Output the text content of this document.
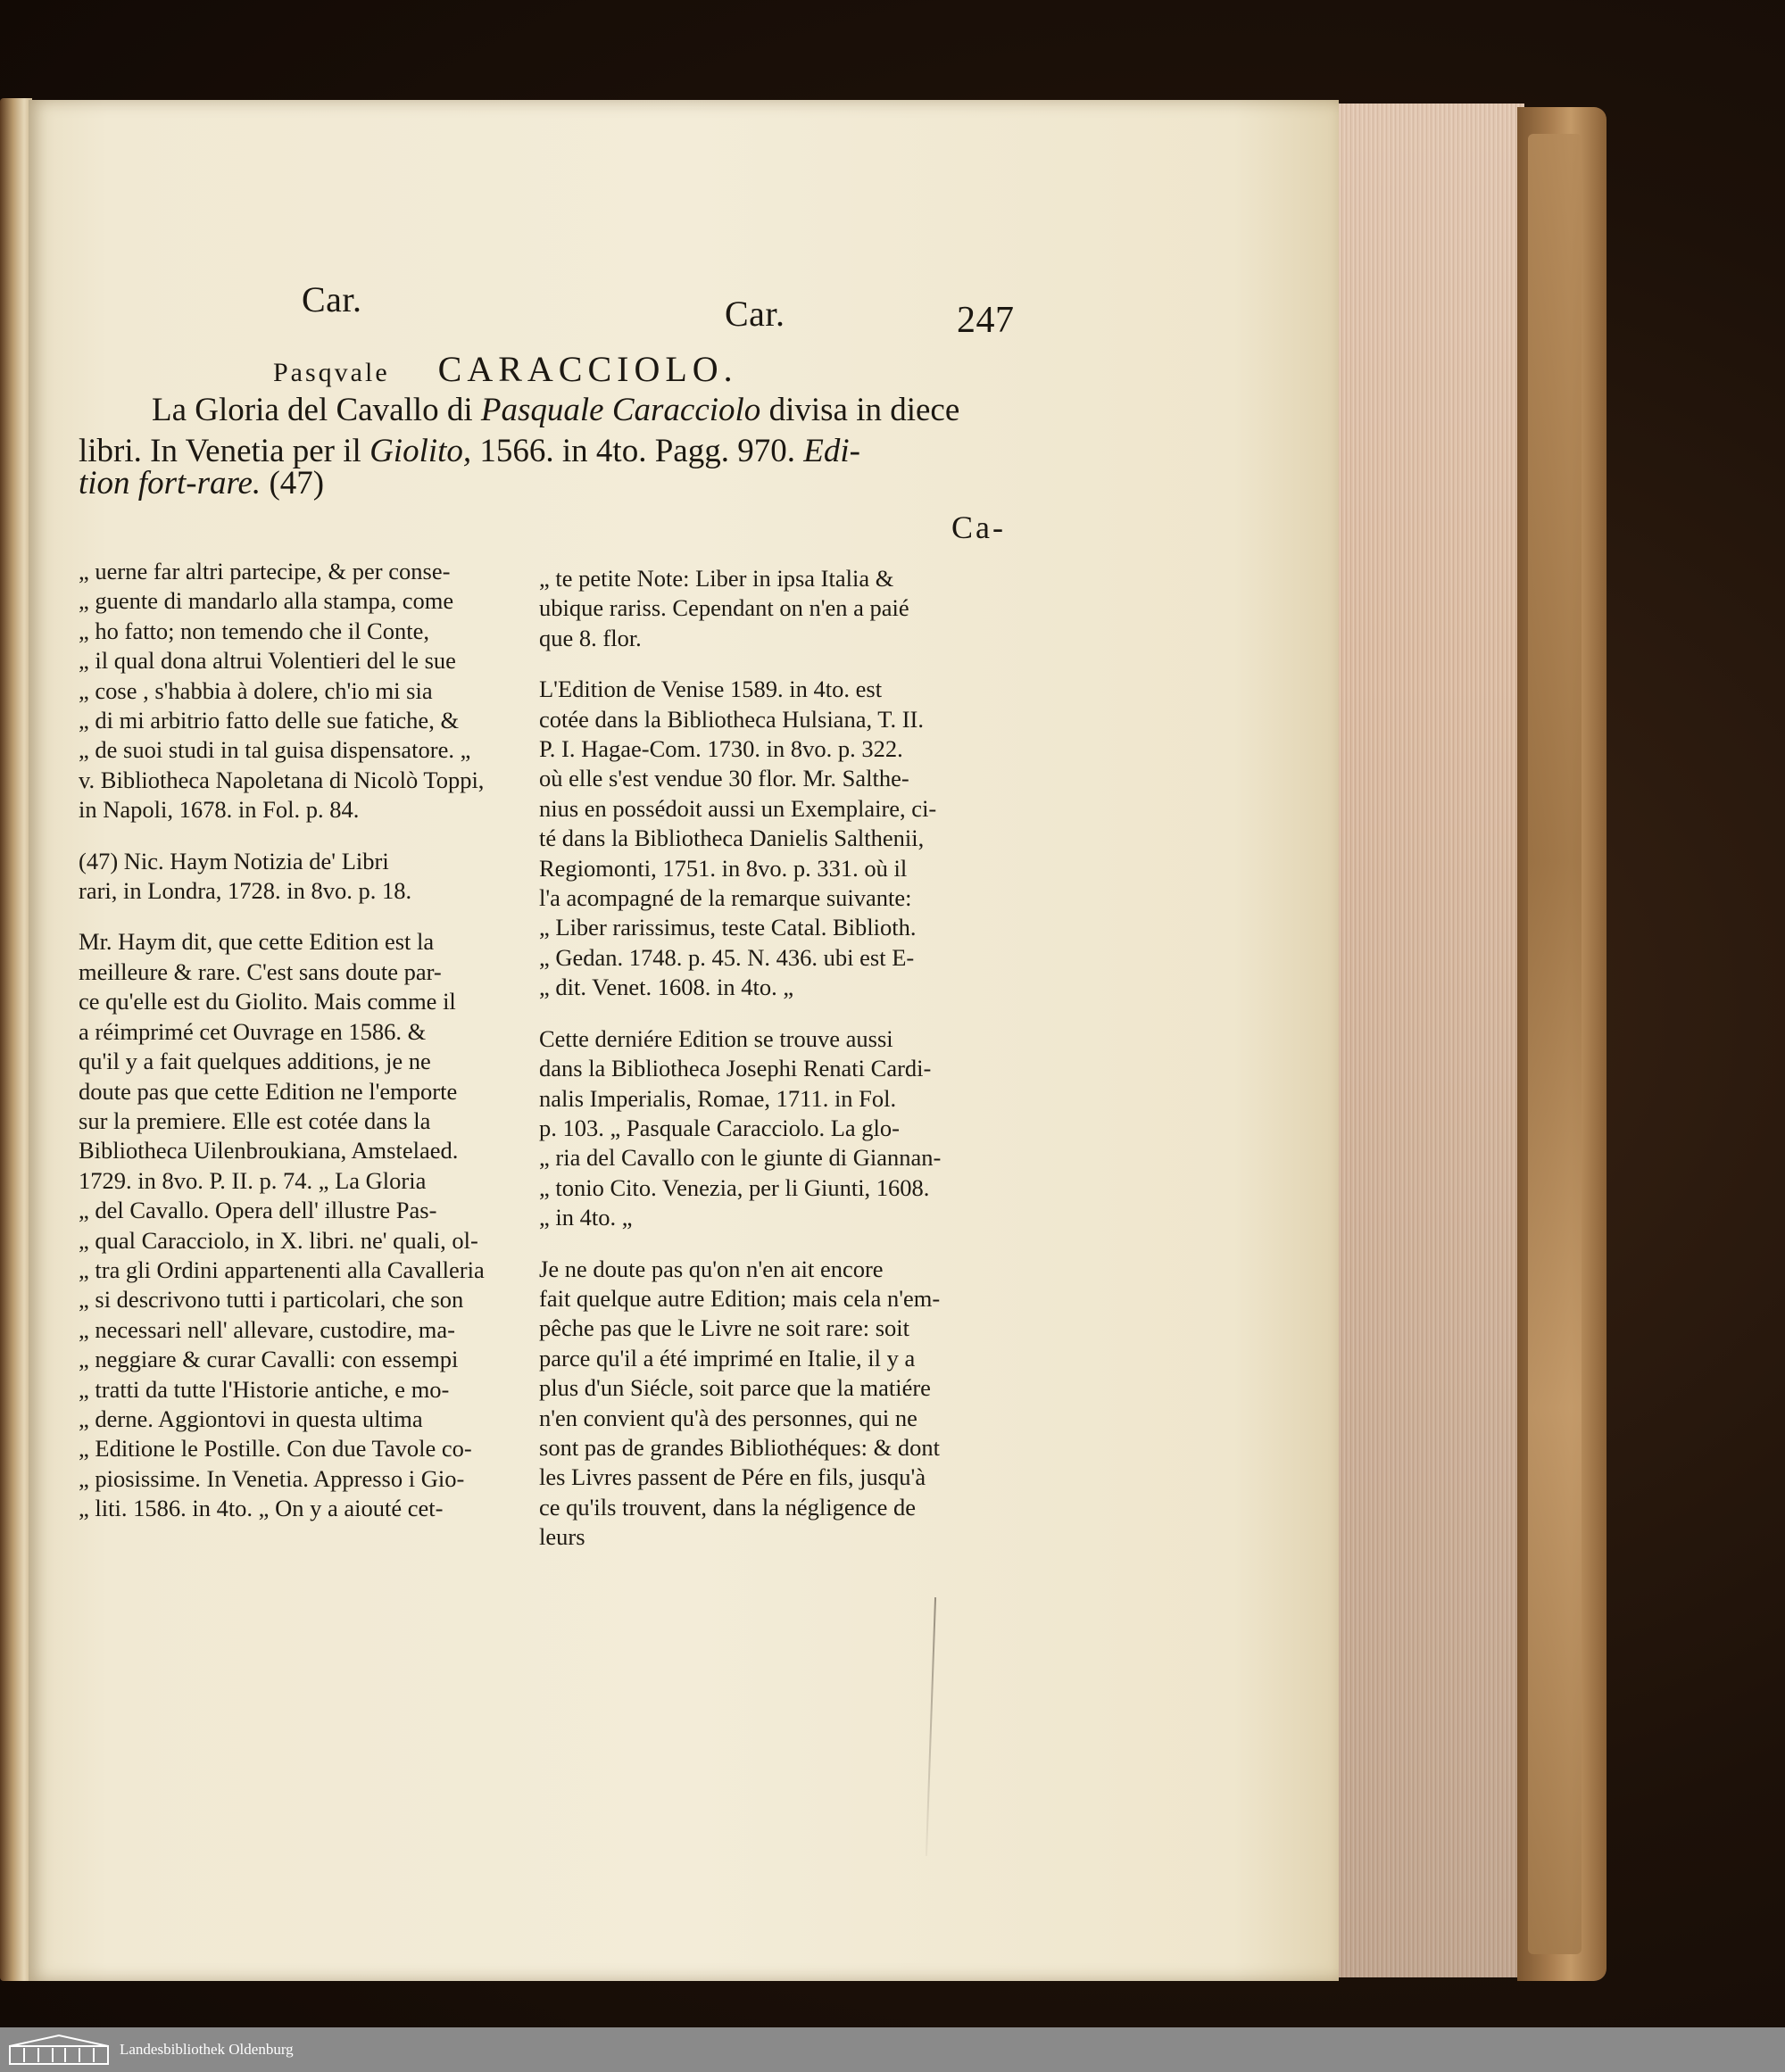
Car.	Car.	247
Pasqvale CARACCIOLO.
La Gloria del Cavallo di Pasquale Caracciolo divisa in diece
libri. In Venetia per il Giolito, 1566. in 4to. Pagg. 970. Edi-
tion fort-rare. (47)
Ca-

„ uerne far altri partecipe, & per conse-

„ guente di mandarlo alla stampa, come

„ ho fatto; non temendo che il Conte,

„ il qual dona altrui Volentieri del le sue

„ cose , s'habbia à dolere, ch'io mi sia

„ di mi arbitrio fatto delle sue fatiche, &

„ de suoi studi in tal guisa dispensatore. „

v. Bibliotheca Napoletana di Nicolò Toppi,

in Napoli, 1678. in Fol. p. 84.

(47) Nic. Haym Notizia de' Libri

rari, in Londra, 1728. in 8vo. p. 18.

Mr. Haym dit, que cette Edition est la

meilleure & rare. C'est sans doute par-

ce qu'elle est du Giolito. Mais comme il

a réimprimé cet Ouvrage en 1586. &

qu'il y a fait quelques additions, je ne

doute pas que cette Edition ne l'emporte

sur la premiere. Elle est cotée dans la

Bibliotheca Uilenbroukiana, Amstelaed.

1729. in 8vo. P. II. p. 74. „ La Gloria

„ del Cavallo. Opera dell' illustre Pas-

„ qual Caracciolo, in X. libri. ne' quali, ol-

„ tra gli Ordini appartenenti alla Cavalleria

„ si descrivono tutti i particolari, che son

„ necessari nell' allevare, custodire, ma-

„ neggiare & curar Cavalli: con essempi

„ tratti da tutte l'Historie antiche, e mo-

„ derne. Aggiontovi in questa ultima

„ Editione le Postille. Con due Tavole co-

„ piosissime. In Venetia. Appresso i Gio-

„ liti. 1586. in 4to. „ On y a aiouté cet-

„ te petite Note: Liber in ipsa Italia &

ubique rariss. Cependant on n'en a paié

que 8. flor.

L'Edition de Venise 1589. in 4to. est

cotée dans la Bibliotheca Hulsiana, T. II.

P. I. Hagae-Com. 1730. in 8vo. p. 322.

où elle s'est vendue 30 flor. Mr. Salthe-

nius en possédoit aussi un Exemplaire, ci-

té dans la Bibliotheca Danielis Salthenii,

Regiomonti, 1751. in 8vo. p. 331. où il

l'a acompagné de la remarque suivante:

„ Liber rarissimus, teste Catal. Biblioth.

„ Gedan. 1748. p. 45. N. 436. ubi est E-

„ dit. Venet. 1608. in 4to. „

Cette derniére Edition se trouve aussi

dans la Bibliotheca Josephi Renati Cardi-

nalis Imperialis, Romae, 1711. in Fol.

p. 103. „ Pasquale Caracciolo. La glo-

„ ria del Cavallo con le giunte di Giannan-

„ tonio Cito. Venezia, per li Giunti, 1608.

„ in 4to. „

Je ne doute pas qu'on n'en ait encore

fait quelque autre Edition; mais cela n'em-

pêche pas que le Livre ne soit rare: soit

parce qu'il a été imprimé en Italie, il y a

plus d'un Siécle, soit parce que la matiére

n'en convient qu'à des personnes, qui ne

sont pas de grandes Bibliothéques: & dont

les Livres passent de Pére en fils, jusqu'à

ce qu'ils trouvent, dans la négligence de

leurs

Landesbibliothek Oldenburg
